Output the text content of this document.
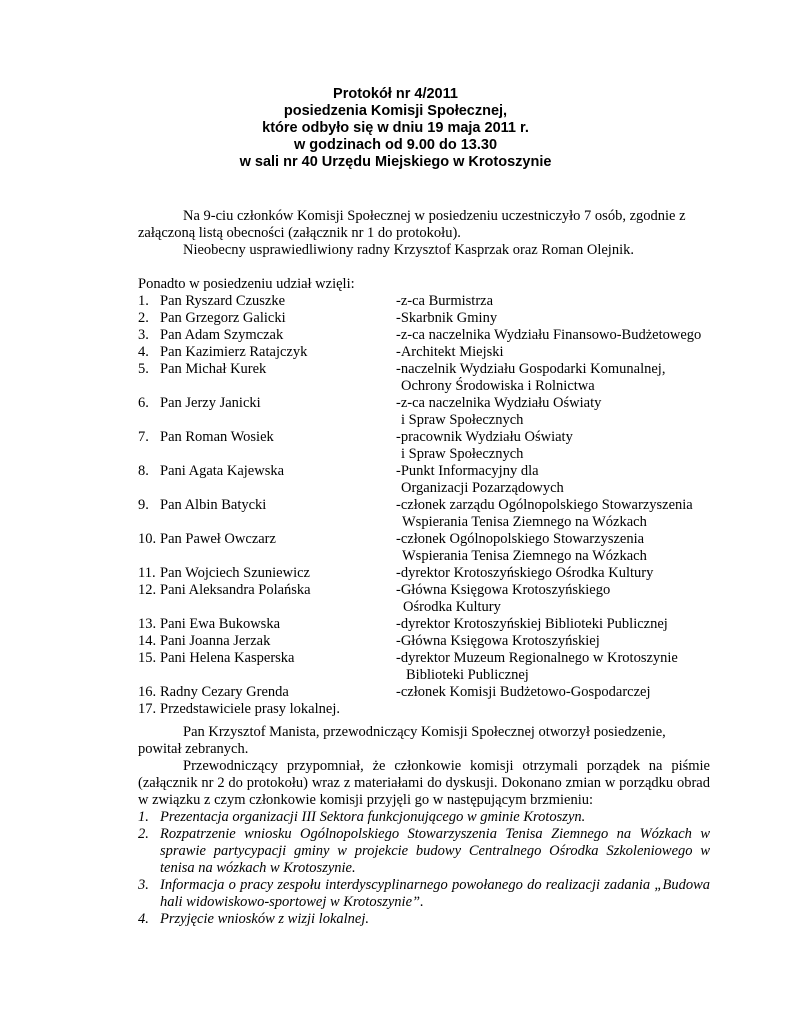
Protokół nr 4/2011
posiedzenia Komisji Społecznej,
które odbyło się w dniu 19 maja 2011 r.
w godzinach od 9.00 do 13.30
w sali nr 40 Urzędu Miejskiego w Krotoszynie

Na 9-ciu członków Komisji Społecznej w posiedzeniu uczestniczyło 7 osób, zgodnie z

załączoną listą obecności (załącznik nr 1 do protokołu).

Nieobecny usprawiedliwiony radny Krzysztof Kasprzak oraz Roman Olejnik.

Ponadto w posiedzeniu udział wzięli:
1. Pan Ryszard Czuszke	-z-ca Burmistrza
2. Pan Grzegorz Galicki	-Skarbnik Gminy
3. Pan Adam Szymczak	-z-ca naczelnika Wydziału Finansowo-Budżetowego
4. Pan Kazimierz Ratajczyk	-Architekt Miejski
5. Pan Michał Kurek	-naczelnik Wydziału Gospodarki Komunalnej,
Ochrony Środowiska i Rolnictwa
6. Pan Jerzy Janicki	-z-ca naczelnika Wydziału Oświaty
i Spraw Społecznych
7. Pan Roman Wosiek	-pracownik Wydziału Oświaty
i Spraw Społecznych
8. Pani Agata Kajewska	-Punkt Informacyjny dla
Organizacji Pozarządowych
9. Pan Albin Batycki	-członek zarządu Ogólnopolskiego Stowarzyszenia
Wspierania Tenisa Ziemnego na Wózkach
10. Pan Paweł Owczarz	-członek Ogólnopolskiego Stowarzyszenia
Wspierania Tenisa Ziemnego na Wózkach
11. Pan Wojciech Szuniewicz	-dyrektor Krotoszyńskiego Ośrodka Kultury
12. Pani Aleksandra Polańska	-Główna Księgowa Krotoszyńskiego
Ośrodka Kultury
13. Pani Ewa Bukowska	-dyrektor Krotoszyńskiej Biblioteki Publicznej
14. Pani Joanna Jerzak	-Główna Księgowa Krotoszyńskiej
15. Pani Helena Kasperska	-dyrektor Muzeum Regionalnego w Krotoszynie
Biblioteki Publicznej
16. Radny Cezary Grenda	-członek Komisji Budżetowo-Gospodarczej
17. Przedstawiciele prasy lokalnej.

Pan Krzysztof Manista, przewodniczący Komisji Społecznej otworzył posiedzenie, powitał zebranych.

Przewodniczący przypomniał, że członkowie komisji otrzymali porządek na piśmie (załącznik nr 2 do protokołu) wraz z materiałami do dyskusji. Dokonano zmian w porządku obrad w związku z czym członkowie komisji przyjęli go w następującym brzmieniu:

1. Prezentacja organizacji III Sektora funkcjonującego w gminie Krotoszyn.
2. Rozpatrzenie wniosku Ogólnopolskiego Stowarzyszenia Tenisa Ziemnego na Wózkach w sprawie partycypacji gminy w projekcie budowy Centralnego Ośrodka Szkoleniowego w tenisa na wózkach w Krotoszynie.
3. Informacja o pracy zespołu interdyscyplinarnego powołanego do realizacji zadania „Budowa hali widowiskowo-sportowej w Krotoszynie”.
4. Przyjęcie wniosków z wizji lokalnej.
